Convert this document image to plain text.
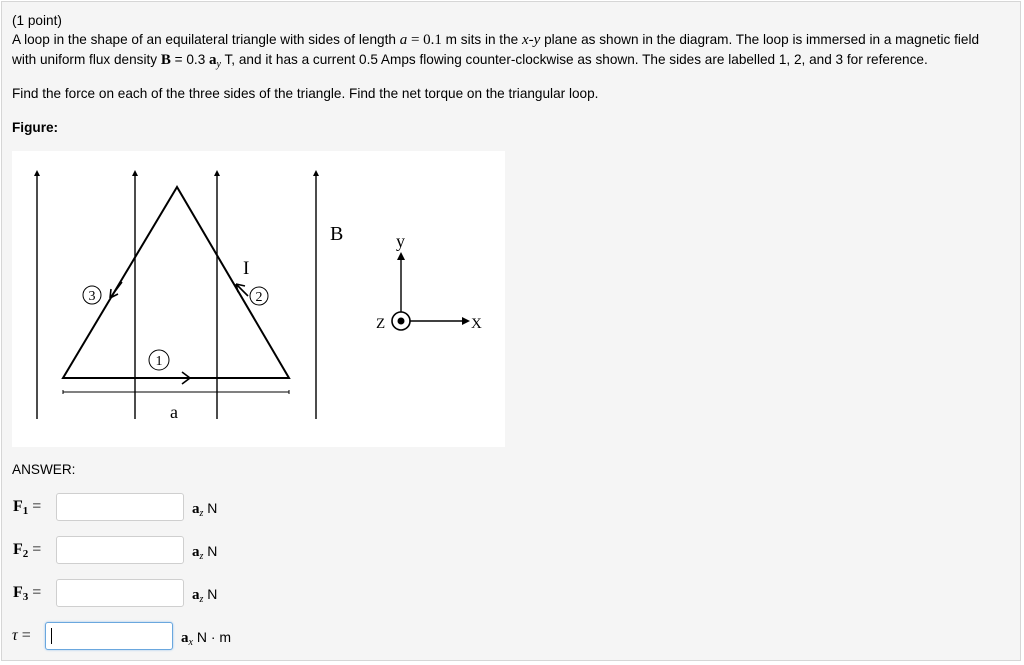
(1 point)
A loop in the shape of an equilateral triangle with sides of length a = 0.1 m sits in the x-y plane as shown in the diagram. The loop is immersed in a magnetic field
with uniform flux density B = 0.3 $a_y$ T, and it has a current 0.5 Amps flowing counter-clockwise as shown. The sides are labelled 1, 2, and 3 for reference.
Find the force on each of the three sides of the triangle. Find the net torque on the triangular loop.
Figure:
3	2
1
I
a
B	y
X
Z
ANSWER:
F1 =	$a_z$ N
F2 =	$a_z$ N
F3 =	$a_z$ N
τ =	$a_x$ N · m
